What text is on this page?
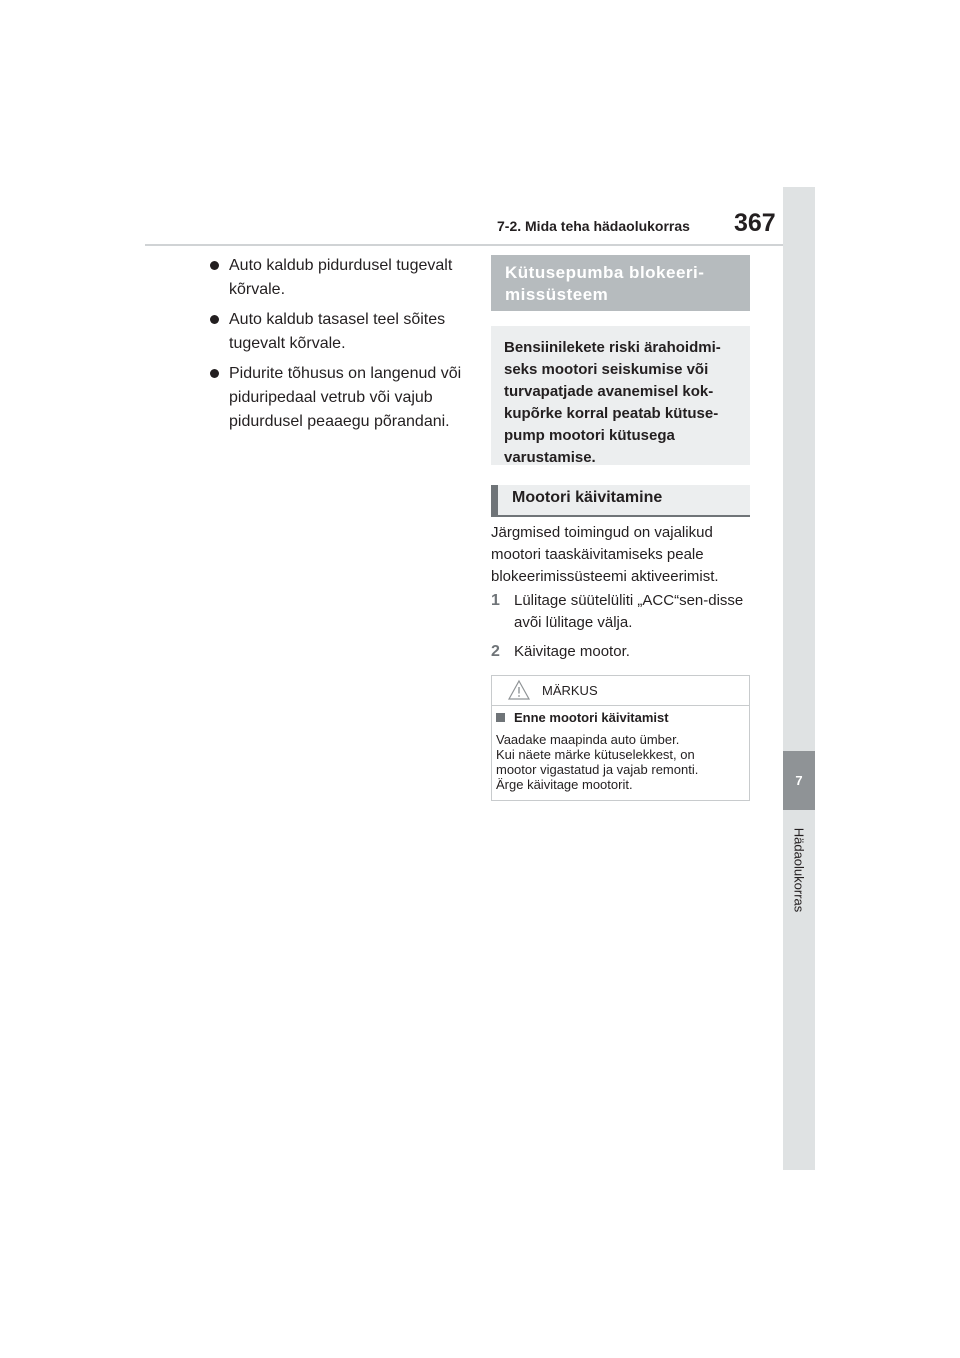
7
Hädaolukorras
7-2. Mida teha hädaolukorras 367
Auto kaldub pidurdusel tugevalt kõrvale.
Auto kaldub tasasel teel sõites tugevalt kõrvale.
Pidurite tõhusus on langenud või piduripedaal vetrub või vajub pidurdusel peaaegu põrandani.
Kütusepumba blokeeri-
missüsteem
Bensiinilekete riski ärahoidmi-
seks mootori seiskumise või
turvapatjade avanemisel kok-
kupõrke korral peatab kütuse-
pump mootori kütusega
varustamise.
Mootori käivitamine
Järgmised toimingud on vajalikud mootori taaskäivitamiseks peale blokeerimissüsteemi aktiveerimist.
1 Lülitage süütelüliti „ACC“sen-disse avõi lülitage välja.
2 Käivitage mootor.
MÄRKUS
Enne mootori käivitamist
Vaadake maapinda auto ümber.
Kui näete märke kütuselekkest, on
mootor vigastatud ja vajab remonti.
Ärge käivitage mootorit.
